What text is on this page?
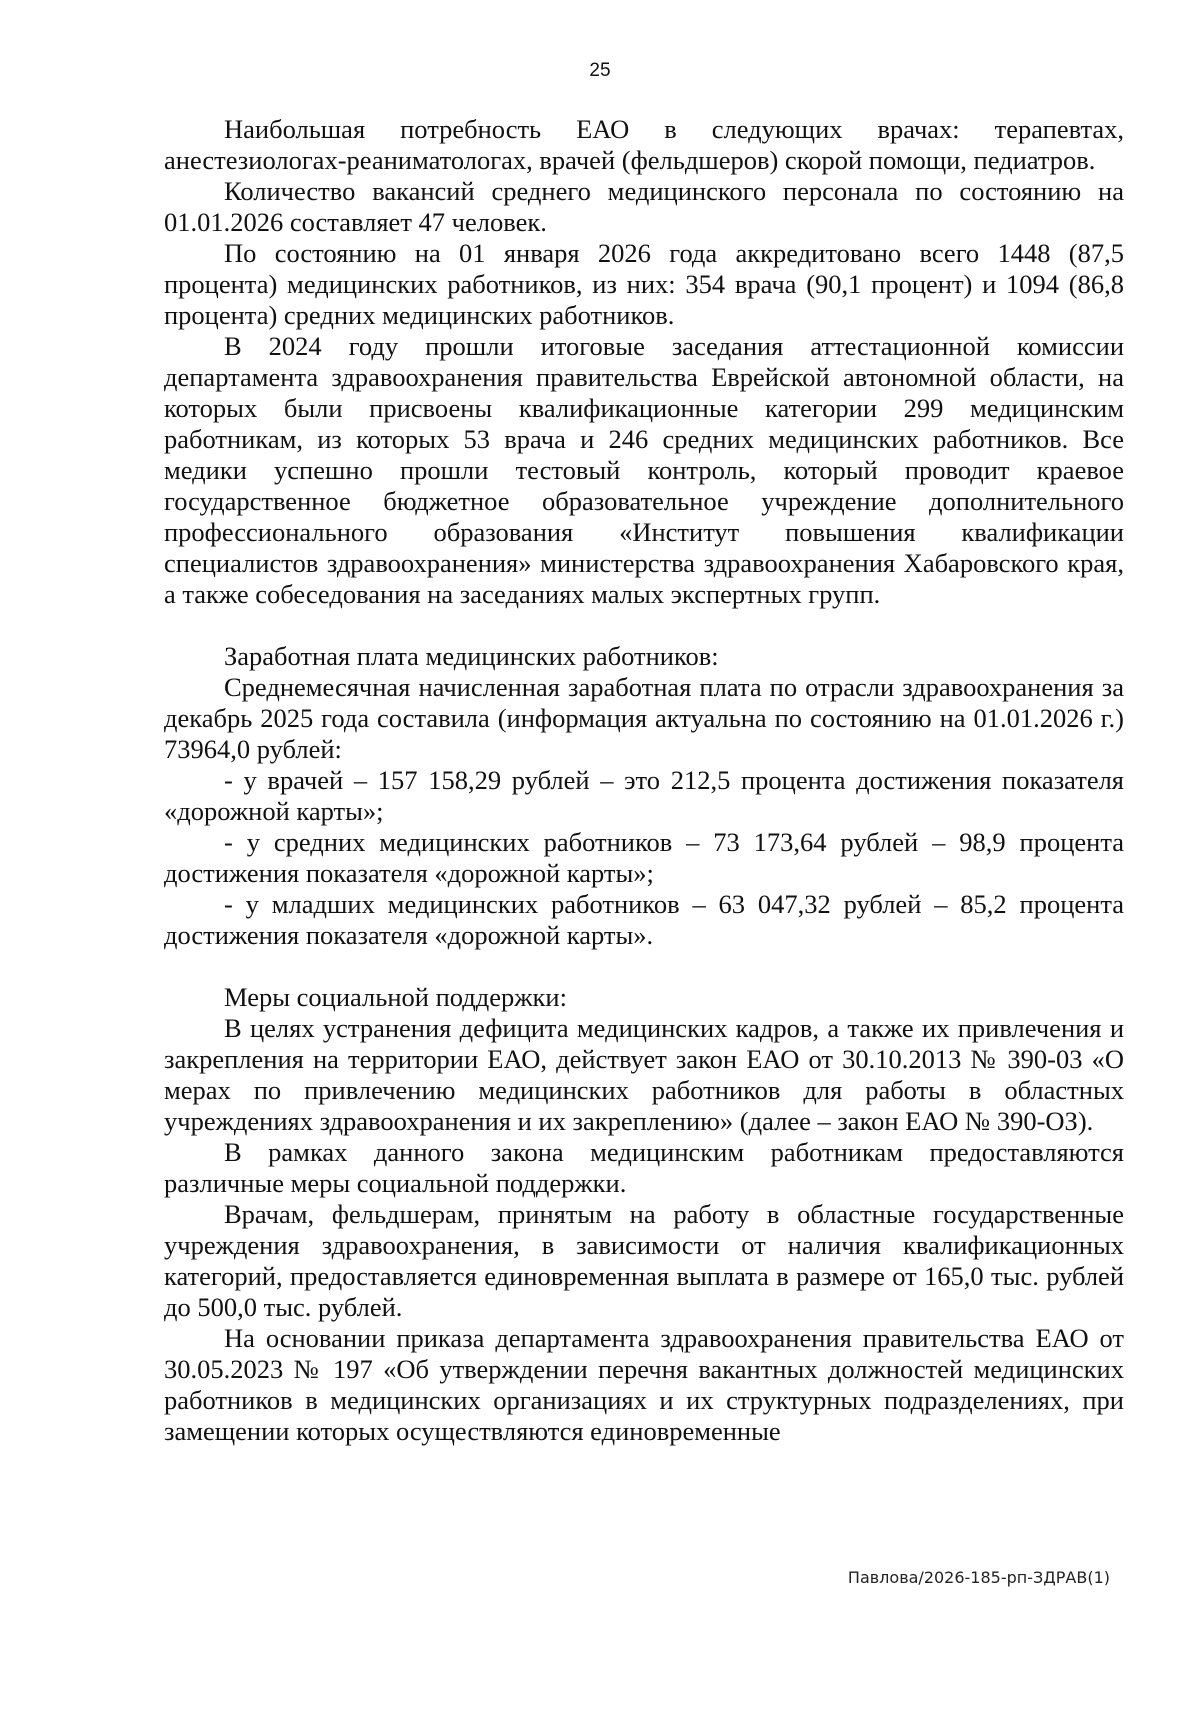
25

Наибольшая потребность ЕАО в следующих врачах: терапевтах, анестезиологах-реаниматологах, врачей (фельдшеров) скорой помощи, педиатров.

Количество вакансий среднего медицинского персонала по состоянию на 01.01.2026 составляет 47 человек.

По состоянию на 01 января 2026 года аккредитовано всего 1448 (87,5 процента) медицинских работников, из них: 354 врача (90,1 процент) и 1094 (86,8 процента) средних медицинских работников.

В 2024 году прошли итоговые заседания аттестационной комиссии департамента здравоохранения правительства Еврейской автономной области, на которых были присвоены квалификационные категории 299 медицинским работникам, из которых 53 врача и 246 средних медицинских работников. Все медики успешно прошли тестовый контроль, который проводит краевое государственное бюджетное образовательное учреждение дополнительного профессионального образования «Институт повышения квалификации специалистов здравоохранения» министерства здравоохранения Хабаровского края, а также собеседования на заседаниях малых экспертных групп.

Заработная плата медицинских работников:

Среднемесячная начисленная заработная плата по отрасли здравоохранения за декабрь 2025 года составила (информация актуальна по состоянию на 01.01.2026 г.) 73964,0 рублей:

- у врачей – 157 158,29 рублей – это 212,5 процента достижения показателя «дорожной карты»;

- у средних медицинских работников – 73 173,64 рублей – 98,9 процента достижения показателя «дорожной карты»;

- у младших медицинских работников – 63 047,32 рублей – 85,2 процента достижения показателя «дорожной карты».

Меры социальной поддержки:

В целях устранения дефицита медицинских кадров, а также их привлечения и закрепления на территории ЕАО, действует закон ЕАО от 30.10.2013 № 390-03 «О мерах по привлечению медицинских работников для работы в областных учреждениях здравоохранения и их закреплению» (далее – закон ЕАО № 390-ОЗ).

В рамках данного закона медицинским работникам предоставляются различные меры социальной поддержки.

Врачам, фельдшерам, принятым на работу в областные государственные учреждения здравоохранения, в зависимости от наличия квалификационных категорий, предоставляется единовременная выплата в размере от 165,0 тыс. рублей до 500,0 тыс. рублей.

На основании приказа департамента здравоохранения правительства ЕАО от 30.05.2023 № 197 «Об утверждении перечня вакантных должностей медицинских работников в медицинских организациях и их структурных подразделениях, при замещении которых осуществляются единовременные

Павлова/2026-185-рп-ЗДРАВ(1)
